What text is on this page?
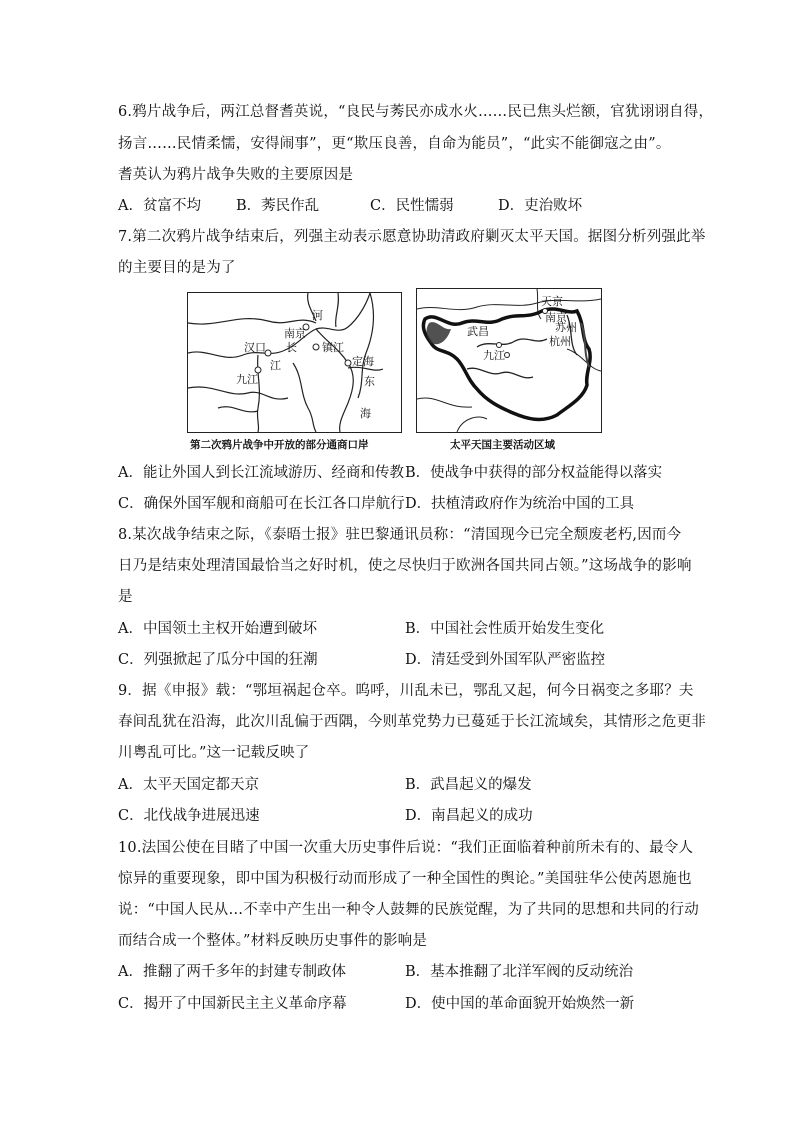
6.鸦片战争后，两江总督耆英说，“良民与莠民亦成水火……民已焦头烂额，官犹诩诩自得，
扬言……民情柔懦，安得闹事”，更“欺压良善，自命为能员”，“此实不能御寇之由”。
耆英认为鸦片战争失败的主要原因是
A．贫富不均 B．莠民作乱	C．民性懦弱	D．吏治败坏
7.第二次鸦片战争结束后，列强主动表示愿意协助清政府剿灭太平天国。据图分析列强此举
的主要目的是为了
河
南京
长
汉口
江
镇江
九江
定海
东
海
第二次鸦片战争中开放的部分通商口岸
天京
南京
苏州
杭州
武昌
九江
太平天国主要活动区域
A．能让外国人到长江流域游历、经商和传教 B．使战争中获得的部分权益能得以落实
C．确保外国军舰和商船可在长江各口岸航行 D．扶植清政府作为统治中国的工具
8.某次战争结束之际，《泰晤士报》驻巴黎通讯员称：“清国现今已完全颓废老朽,因而今
日乃是结束处理清国最恰当之好时机，使之尽快归于欧洲各国共同占领。”这场战争的影响
是
A．中国领土主权开始遭到破坏	B．中国社会性质开始发生变化
C．列强掀起了瓜分中国的狂潮	D．清廷受到外国军队严密监控
9．据《申报》载：“鄂垣祸起仓卒。呜呼，川乱未已，鄂乱又起，何今日祸变之多耶？夫
春间乱犹在沿海，此次川乱偏于西隅，今则革党势力已蔓延于长江流域矣，其情形之危更非
川粤乱可比。”这一记载反映了
A．太平天国定都天京	B．武昌起义的爆发
C．北伐战争进展迅速	D．南昌起义的成功
10.法国公使在目睹了中国一次重大历史事件后说：“我们正面临着种前所未有的、最令人
惊异的重要现象，即中国为积极行动而形成了一种全国性的舆论。”美国驻华公使芮恩施也
说：“中国人民从…不幸中产生出一种令人鼓舞的民族觉醒，为了共同的思想和共同的行动
而结合成一个整体。”材料反映历史事件的影响是
A．推翻了两千多年的封建专制政体	B．基本推翻了北洋军阀的反动统治
C．揭开了中国新民主主义革命序幕	D．使中国的革命面貌开始焕然一新
